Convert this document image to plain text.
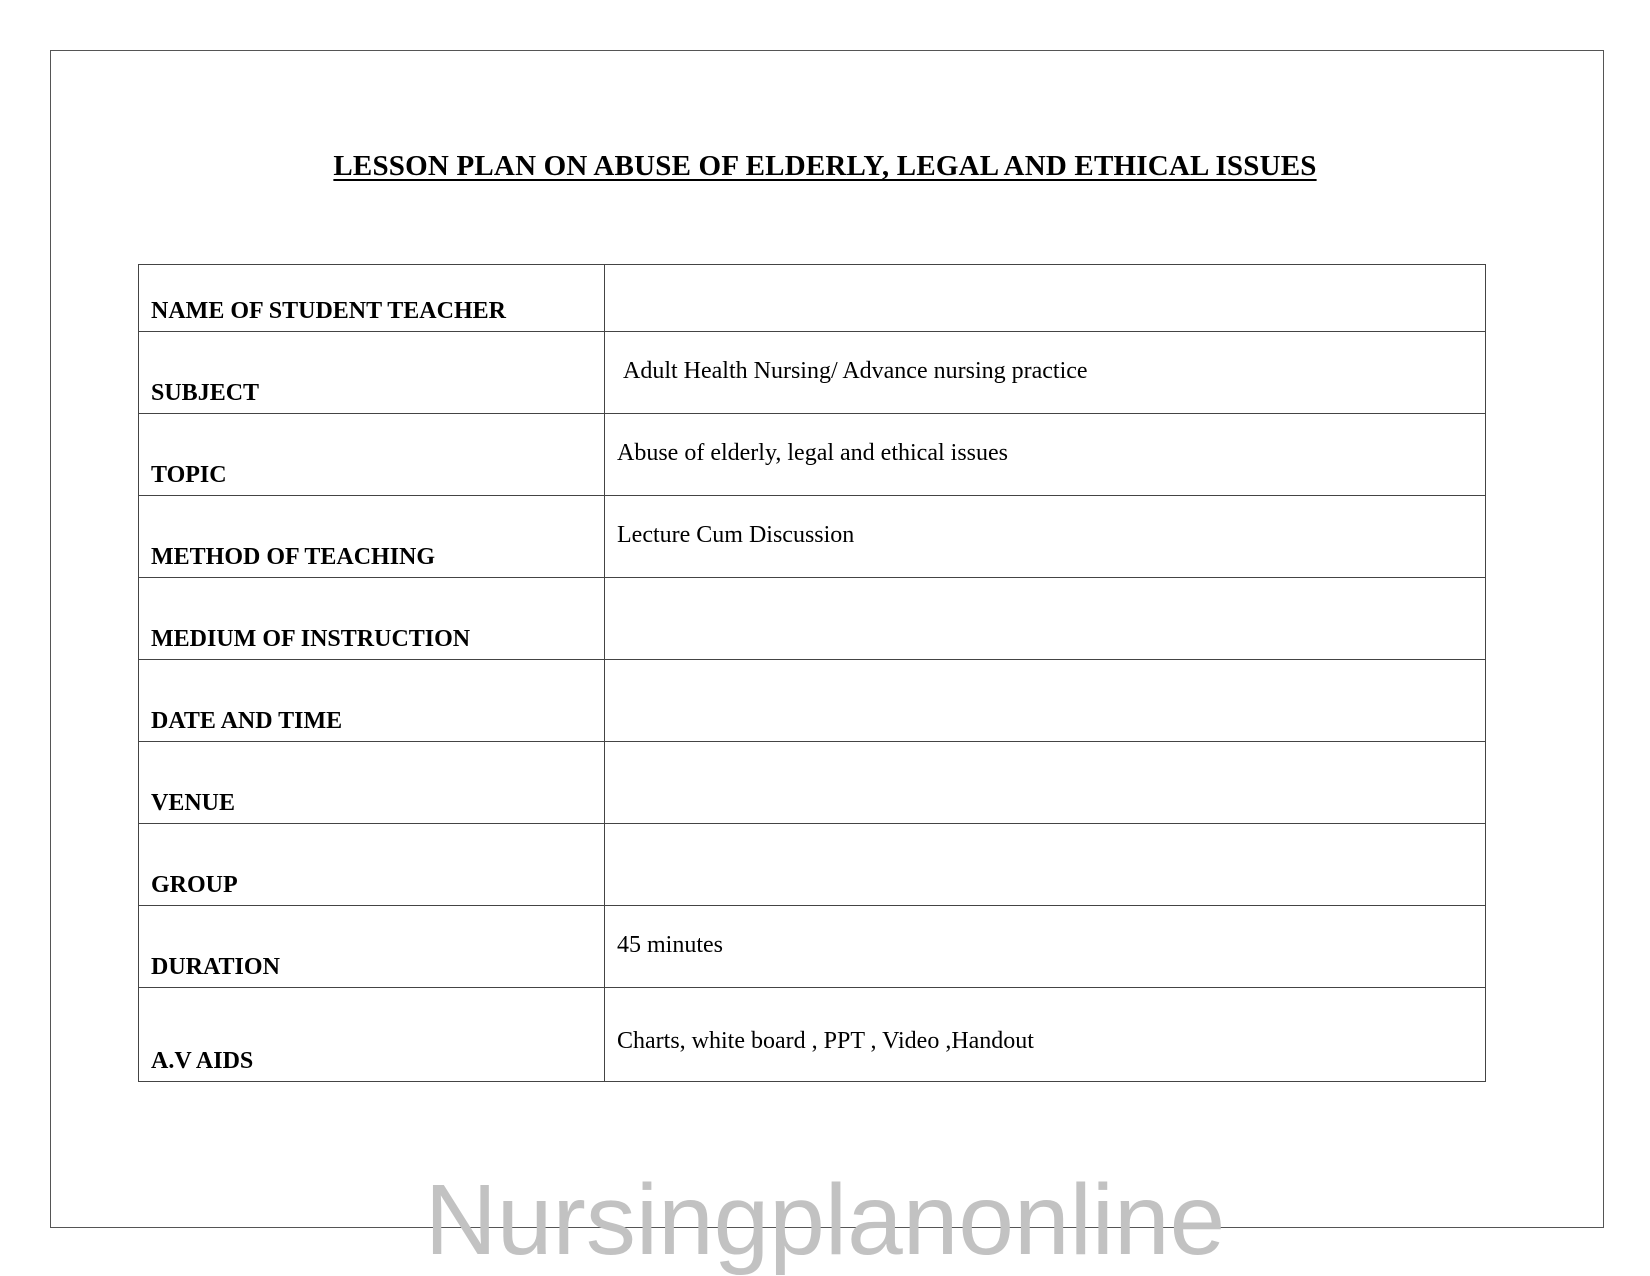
LESSON PLAN ON ABUSE OF ELDERLY, LEGAL AND ETHICAL ISSUES
NAME OF STUDENT TEACHER	

SUBJECT	Adult Health Nursing/ Advance nursing practice

TOPIC	Abuse of elderly, legal and ethical issues

METHOD OF TEACHING	Lecture Cum Discussion

MEDIUM OF INSTRUCTION	

DATE AND TIME	

VENUE	

GROUP	

DURATION	45 minutes

A.V AIDS	Charts, white board , PPT , Video ,Handout
Nursingplanonline
